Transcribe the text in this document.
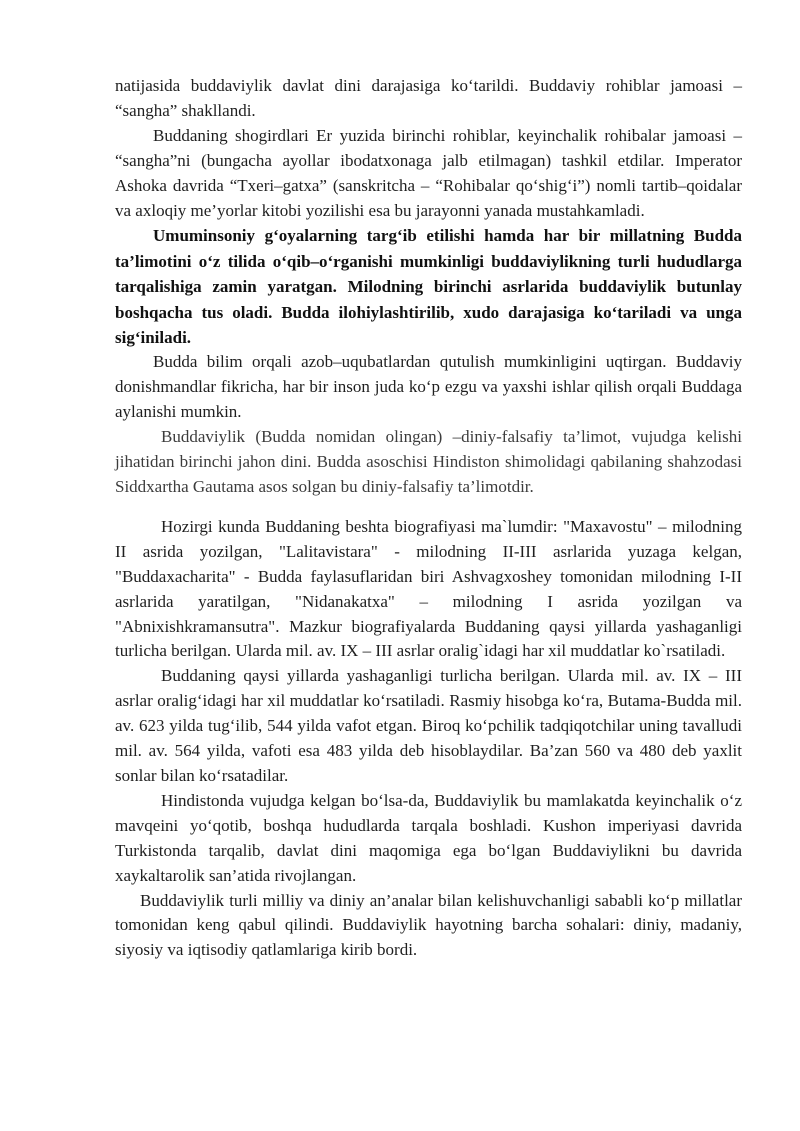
natijasida buddaviylik davlat dini darajasiga ko‘tarildi. Buddaviy rohiblar jamoasi – “sangha” shakllandi.

Buddaning shogirdlari Er yuzida birinchi rohiblar, keyinchalik rohibalar jamoasi – “sangha”ni (bungacha ayollar ibodatxonaga jalb etilmagan) tashkil etdilar. Imperator Ashoka davrida “Txeri–gatxa” (sanskritcha – “Rohibalar qo‘shig‘i”) nomli tartib–qoidalar va axloqiy me’yorlar kitobi yozilishi esa bu jarayonni yanada mustahkamladi.

Umuminsoniy g‘oyalarning targ‘ib etilishi hamda har bir millatning Budda ta’limotini o‘z tilida o‘qib–o‘rganishi mumkinligi buddaviylikning turli hududlarga tarqalishiga zamin yaratgan. Milodning birinchi asrlarida buddaviylik butunlay boshqacha tus oladi. Budda ilohiylashtirilib, xudo darajasiga ko‘tariladi va unga sig‘iniladi.

Budda bilim orqali azob–uqubatlardan qutulish mumkinligini uqtirgan. Buddaviy donishmandlar fikricha, har bir inson juda ko‘p ezgu va yaxshi ishlar qilish orqali Buddaga aylanishi mumkin.

Buddaviylik (Budda nomidan olingan) –diniy-falsafiy ta’limot, vujudga kelishi jihatidan birinchi jahon dini. Budda asoschisi Hindiston shimolidagi qabilaning shahzodasi Siddxartha Gautama asos solgan bu diniy-falsafiy ta’limotdir.

Hozirgi kunda Buddaning beshta biografiyasi ma`lumdir: "Maxavostu" – milodning II asrida yozilgan, "Lalitavistara" - milodning II-III asrlarida yuzaga kelgan, "Buddaxacharita" - Budda faylasuflaridan biri Ashvagxoshey tomonidan milodning I-II asrlarida yaratilgan, "Nidanakatxa" – milodning I asrida yozilgan va "Abnixishkramansutra". Mazkur biografiyalarda Buddaning qaysi yillarda yashaganligi turlicha berilgan. Ularda mil. av. IX – III asrlar oralig`idagi har xil muddatlar ko`rsatiladi.

Buddaning qaysi yillarda yashaganligi turlicha berilgan. Ularda mil. av. IX – III asrlar oralig‘idagi har xil muddatlar ko‘rsatiladi. Rasmiy hisobga ko‘ra, Butama-Budda mil. av. 623 yilda tug‘ilib, 544 yilda vafot etgan. Biroq ko‘pchilik tadqiqotchilar uning tavalludi mil. av. 564 yilda, vafoti esa 483 yilda deb hisoblaydilar. Ba’zan 560 va 480 deb yaxlit sonlar bilan ko‘rsatadilar.

Hindistonda vujudga kelgan bo‘lsa-da, Buddaviylik bu mamlakatda keyinchalik o‘z mavqeini yo‘qotib, boshqa hududlarda tarqala boshladi. Kushon imperiyasi davrida Turkistonda tarqalib, davlat dini maqomiga ega bo‘lgan Buddaviylikni bu davrida xaykaltarolik san’atida rivojlangan.

Buddaviylik turli milliy va diniy an’analar bilan kelishuvchanligi sababli ko‘p millatlar tomonidan keng qabul qilindi. Buddaviylik hayotning barcha sohalari: diniy, madaniy, siyosiy va iqtisodiy qatlamlariga kirib bordi.
